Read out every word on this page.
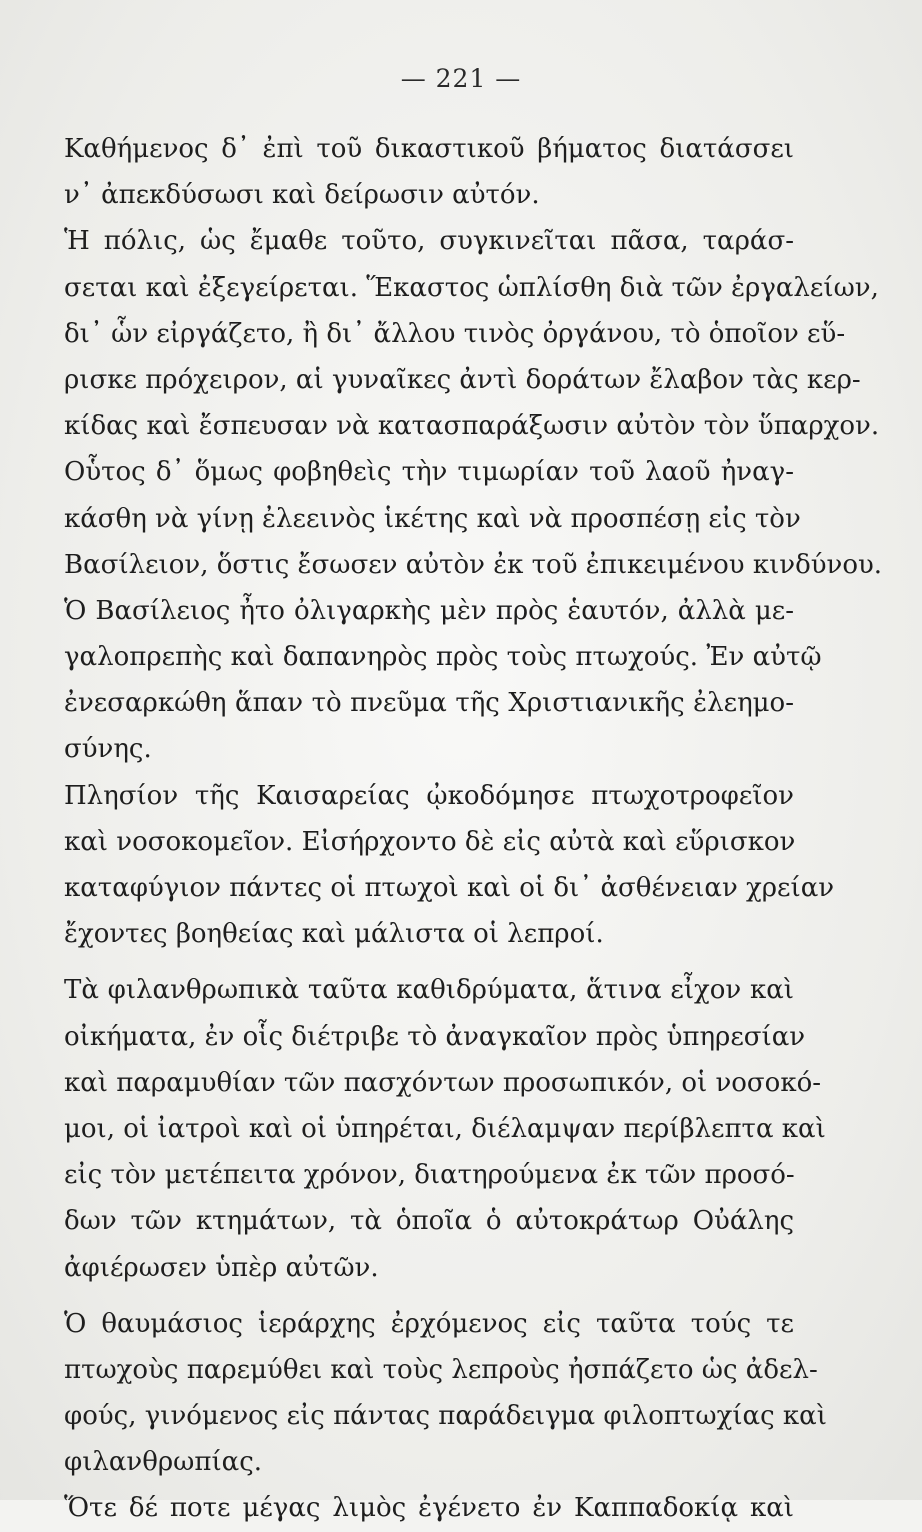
— 221 —
Καθήμενος δ᾽ ἐπὶ τοῦ δικαστικοῦ βήματος διατάσσει
ν᾽ ἀπεκδύσωσι καὶ δείρωσιν αὐτόν.
Ἡ πόλις, ὡς ἔμαθε τοῦτο, συγκινεῖται πᾶσα, ταράσ-
σεται καὶ ἐξεγείρεται. Ἕκαστος ὡπλίσθη διὰ τῶν ἐργαλείων,
δι᾽ ὧν εἰργάζετο, ἢ δι᾽ ἄλλου τινὸς ὀργάνου, τὸ ὁποῖον εὕ-
ρισκε πρόχειρον, αἱ γυναῖκες ἀντὶ δοράτων ἔλαβον τὰς κερ-
κίδας καὶ ἔσπευσαν νὰ κατασπαράξωσιν αὐτὸν τὸν ὕπαρχον.
Οὗτος δ᾽ ὅμως φοβηθεὶς τὴν τιμωρίαν τοῦ λαοῦ ἠναγ-
κάσθη νὰ γίνῃ ἐλεεινὸς ἱκέτης καὶ νὰ προσπέσῃ εἰς τὸν
Βασίλειον, ὅστις ἔσωσεν αὐτὸν ἐκ τοῦ ἐπικειμένου κινδύνου.
Ὁ Βασίλειος ἦτο ὀλιγαρκὴς μὲν πρὸς ἑαυτόν, ἀλλὰ με-
γαλοπρεπὴς καὶ δαπανηρὸς πρὸς τοὺς πτωχούς. Ἐν αὐτῷ
ἐνεσαρκώθη ἅπαν τὸ πνεῦμα τῆς Χριστιανικῆς ἐλεημο-
σύνης.
Πλησίον τῆς Καισαρείας ᾠκοδόμησε πτωχοτροφεῖον
καὶ νοσοκομεῖον. Εἰσήρχοντο δὲ εἰς αὐτὰ καὶ εὕρισκον
καταφύγιον πάντες οἱ πτωχοὶ καὶ οἱ δι᾽ ἀσθένειαν χρείαν
ἔχοντες βοηθείας καὶ μάλιστα οἱ λεπροί.
Τὰ φιλανθρωπικὰ ταῦτα καθιδρύματα, ἅτινα εἶχον καὶ
οἰκήματα, ἐν οἷς διέτριβε τὸ ἀναγκαῖον πρὸς ὑπηρεσίαν
καὶ παραμυθίαν τῶν πασχόντων προσωπικόν, οἱ νοσοκό-
μοι, οἱ ἰατροὶ καὶ οἱ ὑπηρέται, διέλαμψαν περίβλεπτα καὶ
εἰς τὸν μετέπειτα χρόνον, διατηρούμενα ἐκ τῶν προσό-
δων τῶν κτημάτων, τὰ ὁποῖα ὁ αὐτοκράτωρ Οὐάλης
ἀφιέρωσεν ὑπὲρ αὐτῶν.
Ὁ θαυμάσιος ἱεράρχης ἐρχόμενος εἰς ταῦτα τούς τε
πτωχοὺς παρεμύθει καὶ τοὺς λεπροὺς ἠσπάζετο ὡς ἀδελ-
φούς, γινόμενος εἰς πάντας παράδειγμα φιλοπτωχίας καὶ
φιλανθρωπίας.
Ὅτε δέ ποτε μέγας λιμὸς ἐγένετο ἐν Καππαδοκίᾳ καὶ
